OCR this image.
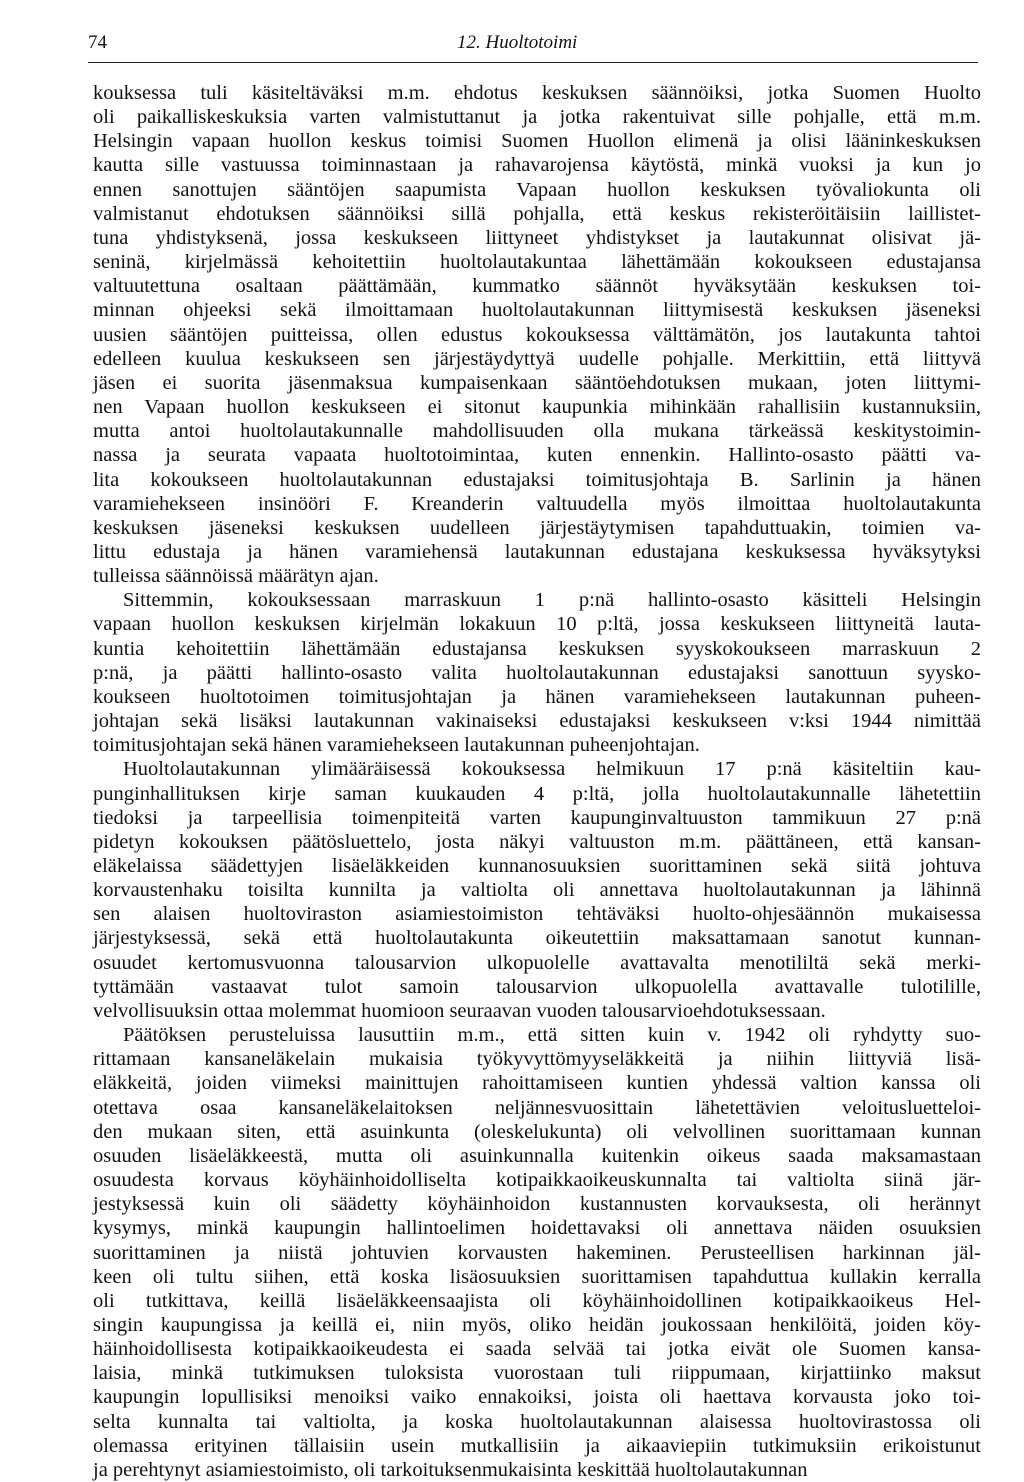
74	12. Huoltotoimi
kouksessa tuli käsiteltäväksi m.m. ehdotus keskuksen säännöiksi, jotka Suomen Huolto
oli paikalliskeskuksia varten valmistuttanut ja jotka rakentuivat sille pohjalle, että m.m.
Helsingin vapaan huollon keskus toimisi Suomen Huollon elimenä ja olisi lääninkeskuksen
kautta sille vastuussa toiminnastaan ja rahavarojensa käytöstä, minkä vuoksi ja kun jo
ennen sanottujen sääntöjen saapumista Vapaan huollon keskuksen työvaliokunta oli
valmistanut ehdotuksen säännöiksi sillä pohjalla, että keskus rekisteröitäisiin laillistet-
tuna yhdistyksenä, jossa keskukseen liittyneet yhdistykset ja lautakunnat olisivat jä-
seninä, kirjelmässä kehoitettiin huoltolautakuntaa lähettämään kokoukseen edustajansa
valtuutettuna osaltaan päättämään, kummatko säännöt hyväksytään keskuksen toi-
minnan ohjeeksi sekä ilmoittamaan huoltolautakunnan liittymisestä keskuksen jäseneksi
uusien sääntöjen puitteissa, ollen edustus kokouksessa välttämätön, jos lautakunta tahtoi
edelleen kuulua keskukseen sen järjestäydyttyä uudelle pohjalle. Merkittiin, että liittyvä
jäsen ei suorita jäsenmaksua kumpaisenkaan sääntöehdotuksen mukaan, joten liittymi-
nen Vapaan huollon keskukseen ei sitonut kaupunkia mihinkään rahallisiin kustannuksiin,
mutta antoi huoltolautakunnalle mahdollisuuden olla mukana tärkeässä keskitystoimin-
nassa ja seurata vapaata huoltotoimintaa, kuten ennenkin. Hallinto-osasto päätti va-
lita kokoukseen huoltolautakunnan edustajaksi toimitusjohtaja B. Sarlinin ja hänen
varamiehekseen insinööri F. Kreanderin valtuudella myös ilmoittaa huoltolautakunta
keskuksen jäseneksi keskuksen uudelleen järjestäytymisen tapahduttuakin, toimien va-
littu edustaja ja hänen varamiehensä lautakunnan edustajana keskuksessa hyväksytyksi
tulleissa säännöissä määrätyn ajan.
Sittemmin, kokouksessaan marraskuun 1 p:nä hallinto-osasto käsitteli Helsingin
vapaan huollon keskuksen kirjelmän lokakuun 10 p:ltä, jossa keskukseen liittyneitä lauta-
kuntia kehoitettiin lähettämään edustajansa keskuksen syyskokoukseen marraskuun 2
p:nä, ja päätti hallinto-osasto valita huoltolautakunnan edustajaksi sanottuun syysko-
koukseen huoltotoimen toimitusjohtajan ja hänen varamiehekseen lautakunnan puheen-
johtajan sekä lisäksi lautakunnan vakinaiseksi edustajaksi keskukseen v:ksi 1944 nimittää
toimitusjohtajan sekä hänen varamiehekseen lautakunnan puheenjohtajan.
Huoltolautakunnan ylimääräisessä kokouksessa helmikuun 17 p:nä käsiteltiin kau-
punginhallituksen kirje saman kuukauden 4 p:ltä, jolla huoltolautakunnalle lähetettiin
tiedoksi ja tarpeellisia toimenpiteitä varten kaupunginvaltuuston tammikuun 27 p:nä
pidetyn kokouksen päätösluettelo, josta näkyi valtuuston m.m. päättäneen, että kansan-
eläkelaissa säädettyjen lisäeläkkeiden kunnanosuuksien suorittaminen sekä siitä johtuva
korvaustenhaku toisilta kunnilta ja valtiolta oli annettava huoltolautakunnan ja lähinnä
sen alaisen huoltoviraston asiamiestoimiston tehtäväksi huolto-ohjesäännön mukaisessa
järjestyksessä, sekä että huoltolautakunta oikeutettiin maksattamaan sanotut kunnan-
osuudet kertomusvuonna talousarvion ulkopuolelle avattavalta menotililtä sekä merki-
tyttämään vastaavat tulot samoin talousarvion ulkopuolella avattavalle tulotilille,
velvollisuuksin ottaa molemmat huomioon seuraavan vuoden talousarvioehdotuksessaan.
Päätöksen perusteluissa lausuttiin m.m., että sitten kuin v. 1942 oli ryhdytty suo-
rittamaan kansaneläkelain mukaisia työkyvyttömyyseläkkeitä ja niihin liittyviä lisä-
eläkkeitä, joiden viimeksi mainittujen rahoittamiseen kuntien yhdessä valtion kanssa oli
otettava osaa kansaneläkelaitoksen neljännesvuosittain lähetettävien veloitusluetteloi-
den mukaan siten, että asuinkunta (oleskelukunta) oli velvollinen suorittamaan kunnan
osuuden lisäeläkkeestä, mutta oli asuinkunnalla kuitenkin oikeus saada maksamastaan
osuudesta korvaus köyhäinhoidolliselta kotipaikkaoikeuskunnalta tai valtiolta siinä jär-
jestyksessä kuin oli säädetty köyhäinhoidon kustannusten korvauksesta, oli herännyt
kysymys, minkä kaupungin hallintoelimen hoidettavaksi oli annettava näiden osuuksien
suorittaminen ja niistä johtuvien korvausten hakeminen. Perusteellisen harkinnan jäl-
keen oli tultu siihen, että koska lisäosuuksien suorittamisen tapahduttua kullakin kerralla
oli tutkittava, keillä lisäeläkkeensaajista oli köyhäinhoidollinen kotipaikkaoikeus Hel-
singin kaupungissa ja keillä ei, niin myös, oliko heidän joukossaan henkilöitä, joiden köy-
häinhoidollisesta kotipaikkaoikeudesta ei saada selvää tai jotka eivät ole Suomen kansa-
laisia, minkä tutkimuksen tuloksista vuorostaan tuli riippumaan, kirjattiinko maksut
kaupungin lopullisiksi menoiksi vaiko ennakoiksi, joista oli haettava korvausta joko toi-
selta kunnalta tai valtiolta, ja koska huoltolautakunnan alaisessa huoltovirastossa oli
olemassa erityinen tällaisiin usein mutkallisiin ja aikaaviepiin tutkimuksiin erikoistunut
ja perehtynyt asiamiestoimisto, oli tarkoituksenmukaisinta keskittää huoltolautakunnan
